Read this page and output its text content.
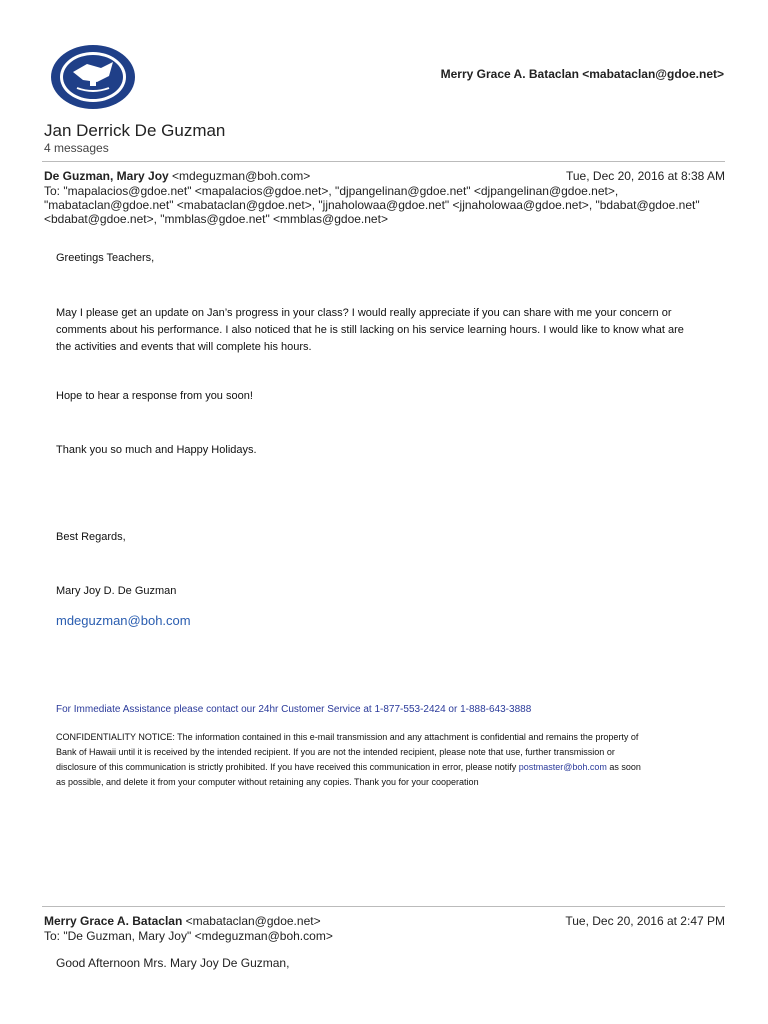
Merry Grace A. Bataclan <mabataclan@gdoe.net>
Jan Derrick De Guzman
4 messages
De Guzman, Mary Joy <mdeguzman@boh.com>	Tue, Dec 20, 2016 at 8:38 AM
To: "mapalacios@gdoe.net" <mapalacios@gdoe.net>, "djpangelinan@gdoe.net" <djpangelinan@gdoe.net>,
"mabataclan@gdoe.net" <mabataclan@gdoe.net>, "jjnaholowaa@gdoe.net" <jjnaholowaa@gdoe.net>, "bdabat@gdoe.net"
<bdabat@gdoe.net>, "mmblas@gdoe.net" <mmblas@gdoe.net>
Greetings Teachers,
May I please get an update on Jan’s progress in your class? I would really appreciate if you can share with me your concern or
comments about his performance. I also noticed that he is still lacking on his service learning hours. I would like to know what are
the activities and events that will complete his hours.
Hope to hear a response from you soon!
Thank you so much and Happy Holidays.
Best Regards,
Mary Joy D. De Guzman
mdeguzman@boh.com
For Immediate Assistance please contact our 24hr Customer Service at 1-877-553-2424 or 1-888-643-3888
CONFIDENTIALITY NOTICE: The information contained in this e-mail transmission and any attachment is confidential and remains the property of
Bank of Hawaii until it is received by the intended recipient. If you are not the intended recipient, please note that use, further transmission or
disclosure of this communication is strictly prohibited. If you have received this communication in error, please notify postmaster@boh.com as soon
as possible, and delete it from your computer without retaining any copies. Thank you for your cooperation
Merry Grace A. Bataclan <mabataclan@gdoe.net>	Tue, Dec 20, 2016 at 2:47 PM
To: "De Guzman, Mary Joy" <mdeguzman@boh.com>
Good Afternoon Mrs. Mary Joy De Guzman,
